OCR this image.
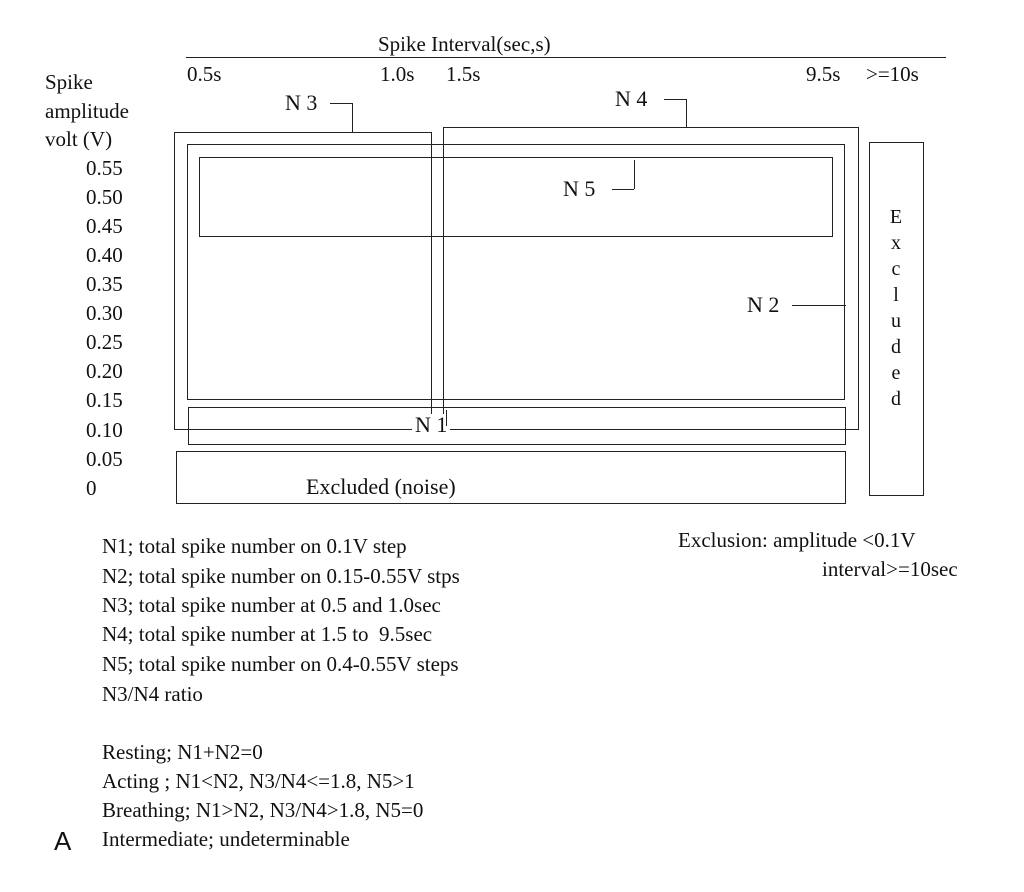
Spike Interval(sec,s)
0.5s	1.0s 1.5s	9.5s >=10s
Spike
amplitude
volt (V)
0.55
0.50
0.45
0.40
0.35
0.30
0.25
0.20
0.15
0.10
0.05
0
N 3	N 4
N 5
N 2
N 1
Excluded (noise)
E
x
c
l
u
d
e
d
N1; total spike number on 0.1V step
N2; total spike number on 0.15-0.55V stps
N3; total spike number at 0.5 and 1.0sec
N4; total spike number at 1.5 to  9.5sec
N5; total spike number on 0.4-0.55V steps
N3/N4 ratio
Exclusion: amplitude <0.1V
interval>=10sec
Resting; N1+N2=0
Acting ; N1<N2, N3/N4<=1.8, N5>1
Breathing; N1>N2, N3/N4>1.8, N5=0
Intermediate; undeterminable
A
